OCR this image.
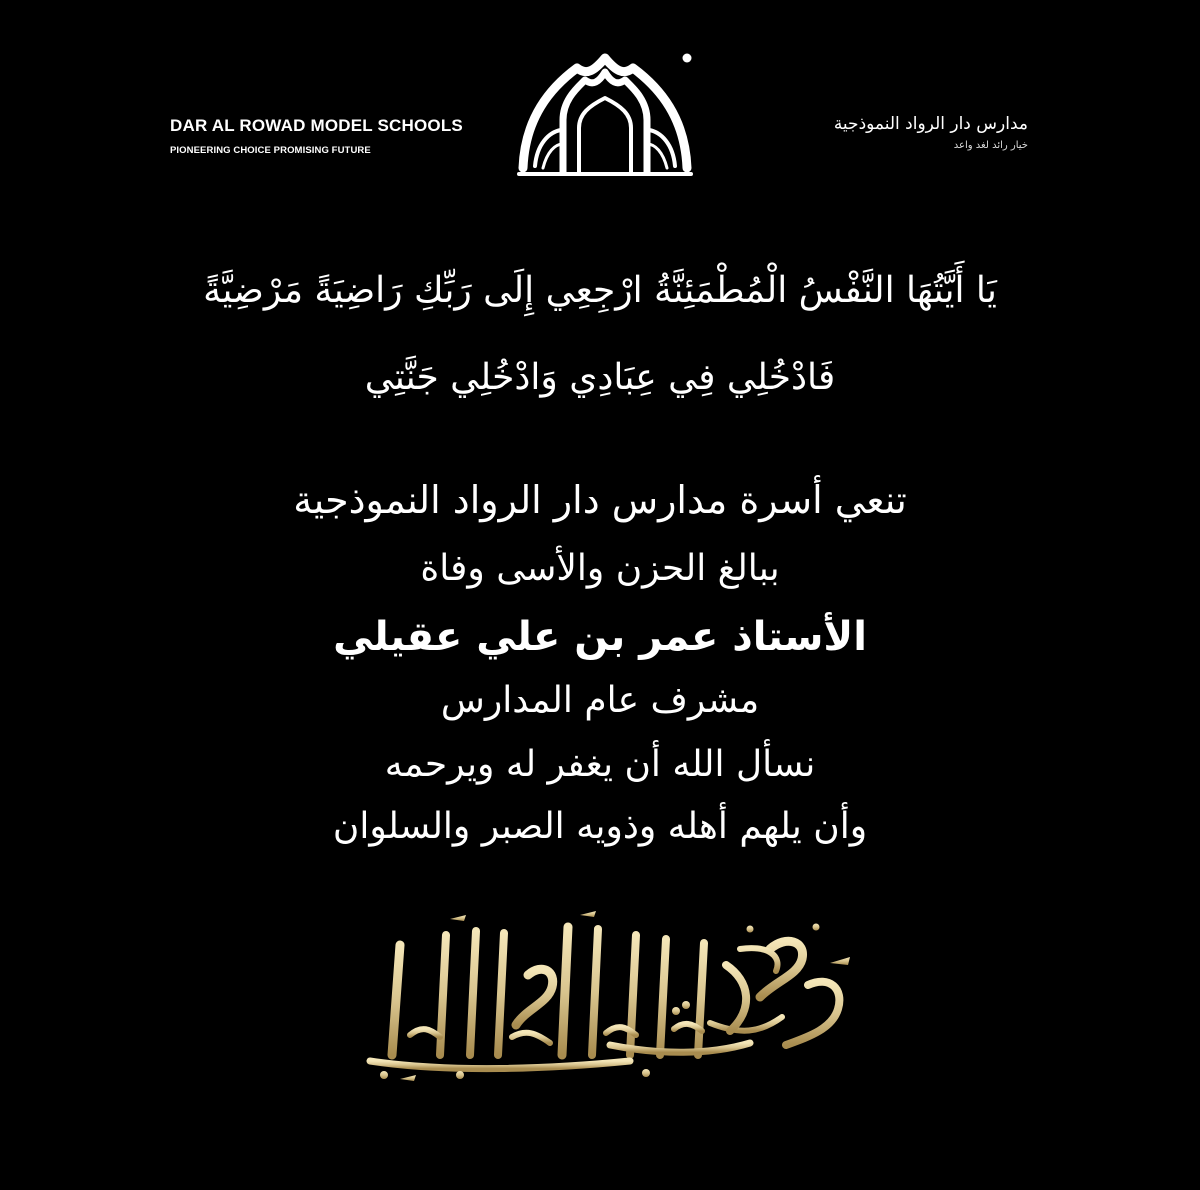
DAR AL ROWAD MODEL SCHOOLS
PIONEERING CHOICE PROMISING FUTURE
مدارس دار الرواد النموذجية
خيار رائد لغد واعد
يَا أَيَّتُهَا النَّفْسُ الْمُطْمَئِنَّةُ ارْجِعِي إِلَى رَبِّكِ رَاضِيَةً مَرْضِيَّةً
فَادْخُلِي فِي عِبَادِي وَادْخُلِي جَنَّتِي
تنعي أسرة مدارس دار الرواد النموذجية
ببالغ الحزن والأسى وفاة
الأستاذ عمر بن علي عقيلي
مشرف عام المدارس
نسأل الله أن يغفر له ويرحمه
وأن يلهم أهله وذويه الصبر والسلوان
